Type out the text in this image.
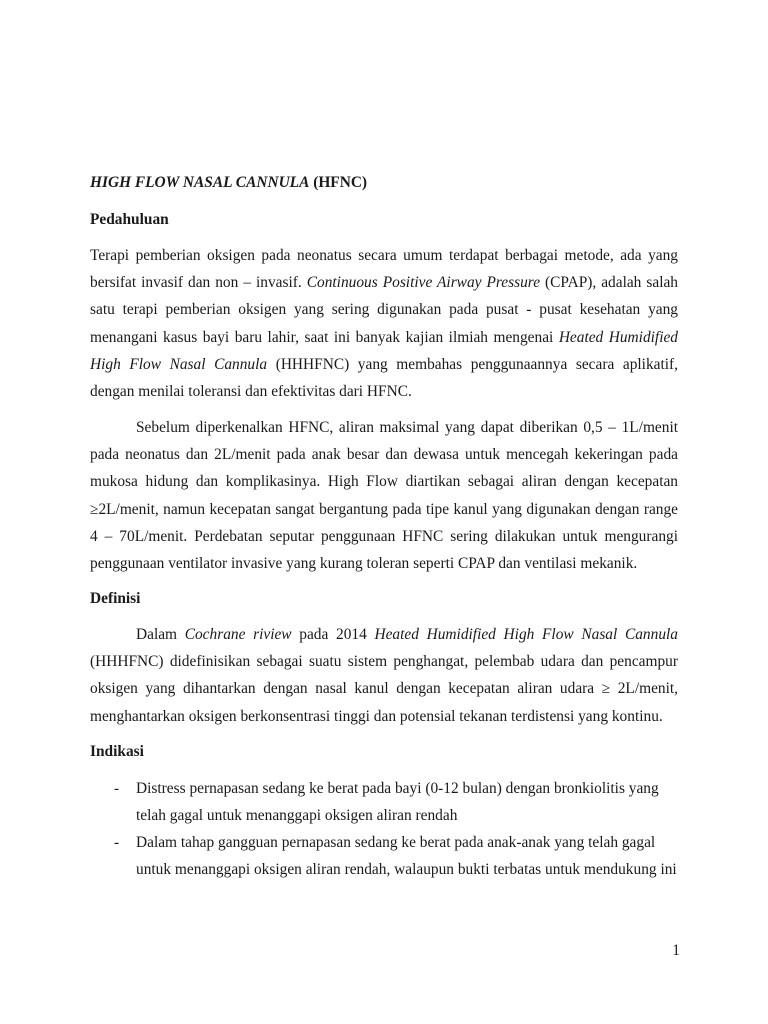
HIGH FLOW NASAL CANNULA (HFNC)
Pedahuluan

Terapi pemberian oksigen pada neonatus secara umum terdapat berbagai metode, ada yang bersifat invasif dan non – invasif. Continuous Positive Airway Pressure (CPAP), adalah salah satu terapi pemberian oksigen yang sering digunakan pada pusat - pusat kesehatan yang menangani kasus bayi baru lahir, saat ini banyak kajian ilmiah mengenai Heated Humidified High Flow Nasal Cannula (HHHFNC) yang membahas penggunaannya secara aplikatif, dengan menilai toleransi dan efektivitas dari HFNC.

Sebelum diperkenalkan HFNC, aliran maksimal yang dapat diberikan 0,5 – 1L/menit pada neonatus dan 2L/menit pada anak besar dan dewasa untuk mencegah kekeringan pada mukosa hidung dan komplikasinya. High Flow diartikan sebagai aliran dengan kecepatan ≥2L/menit, namun kecepatan sangat bergantung pada tipe kanul yang digunakan dengan range 4 – 70L/menit. Perdebatan seputar penggunaan HFNC sering dilakukan untuk mengurangi penggunaan ventilator invasive yang kurang toleran seperti CPAP dan ventilasi mekanik.

Definisi

Dalam Cochrane riview pada 2014 Heated Humidified High Flow Nasal Cannula (HHHFNC) didefinisikan sebagai suatu sistem penghangat, pelembab udara dan pencampur oksigen yang dihantarkan dengan nasal kanul dengan kecepatan aliran udara ≥ 2L/menit, menghantarkan oksigen berkonsentrasi tinggi dan potensial tekanan terdistensi yang kontinu.

Indikasi
- Distress pernapasan sedang ke berat pada bayi (0-12 bulan) dengan bronkiolitis yang telah gagal untuk menanggapi oksigen aliran rendah
- Dalam tahap gangguan pernapasan sedang ke berat pada anak-anak yang telah gagal untuk menanggapi oksigen aliran rendah, walaupun bukti terbatas untuk mendukung ini
1
